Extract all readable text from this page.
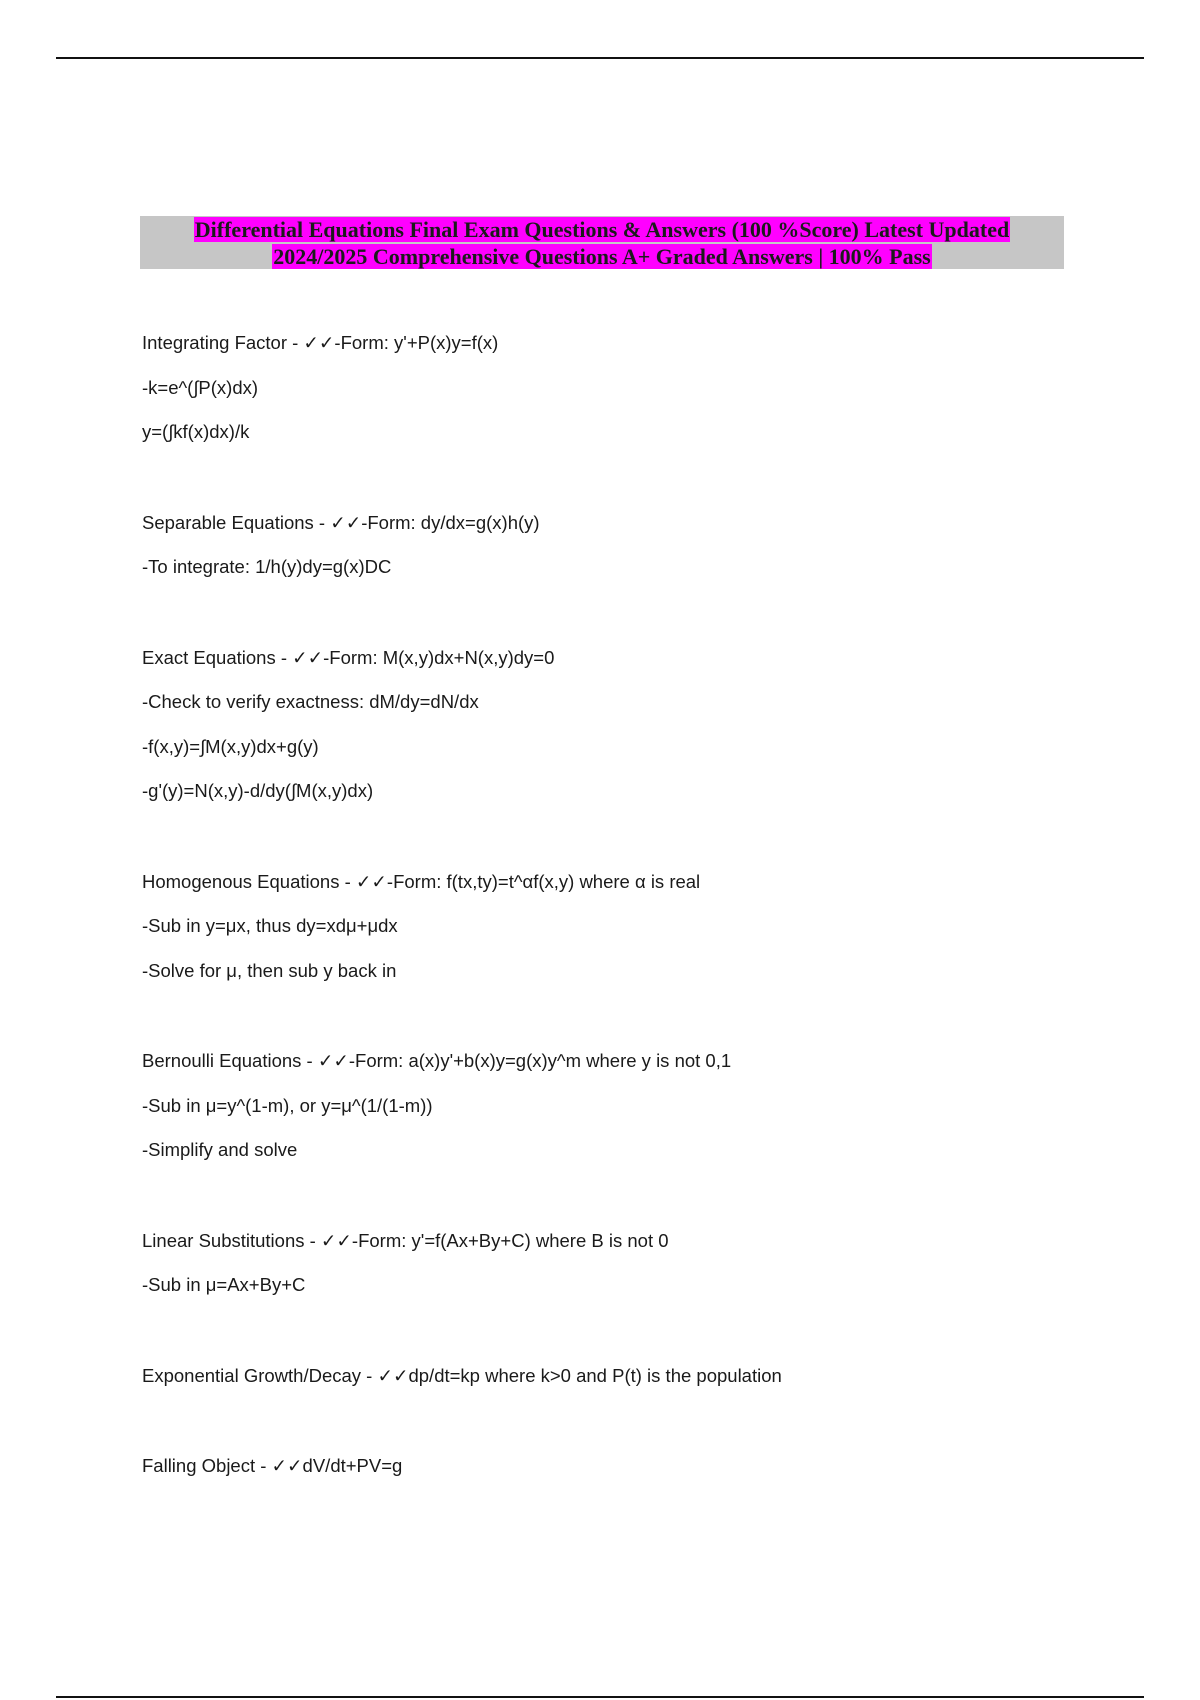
Differential Equations Final Exam Questions & Answers (100 %Score) Latest Updated
2024/2025 Comprehensive Questions A+ Graded Answers | 100% Pass
Integrating Factor - ✓✓-Form: y'+P(x)y=f(x)
-k=e^(∫P(x)dx)
y=(∫kf(x)dx)/k
Separable Equations - ✓✓-Form: dy/dx=g(x)h(y)
-To integrate: 1/h(y)dy=g(x)DC
Exact Equations - ✓✓-Form: M(x,y)dx+N(x,y)dy=0
-Check to verify exactness: dM/dy=dN/dx
-f(x,y)=∫M(x,y)dx+g(y)
-g'(y)=N(x,y)-d/dy(∫M(x,y)dx)
Homogenous Equations - ✓✓-Form: f(tx,ty)=t^αf(x,y) where α is real
-Sub in y=μx, thus dy=xdμ+μdx
-Solve for μ, then sub y back in
Bernoulli Equations - ✓✓-Form: a(x)y'+b(x)y=g(x)y^m where y is not 0,1
-Sub in μ=y^(1-m), or y=μ^(1/(1-m))
-Simplify and solve
Linear Substitutions - ✓✓-Form: y'=f(Ax+By+C) where B is not 0
-Sub in μ=Ax+By+C
Exponential Growth/Decay - ✓✓dp/dt=kp where k>0 and P(t) is the population
Falling Object - ✓✓dV/dt+PV=g
